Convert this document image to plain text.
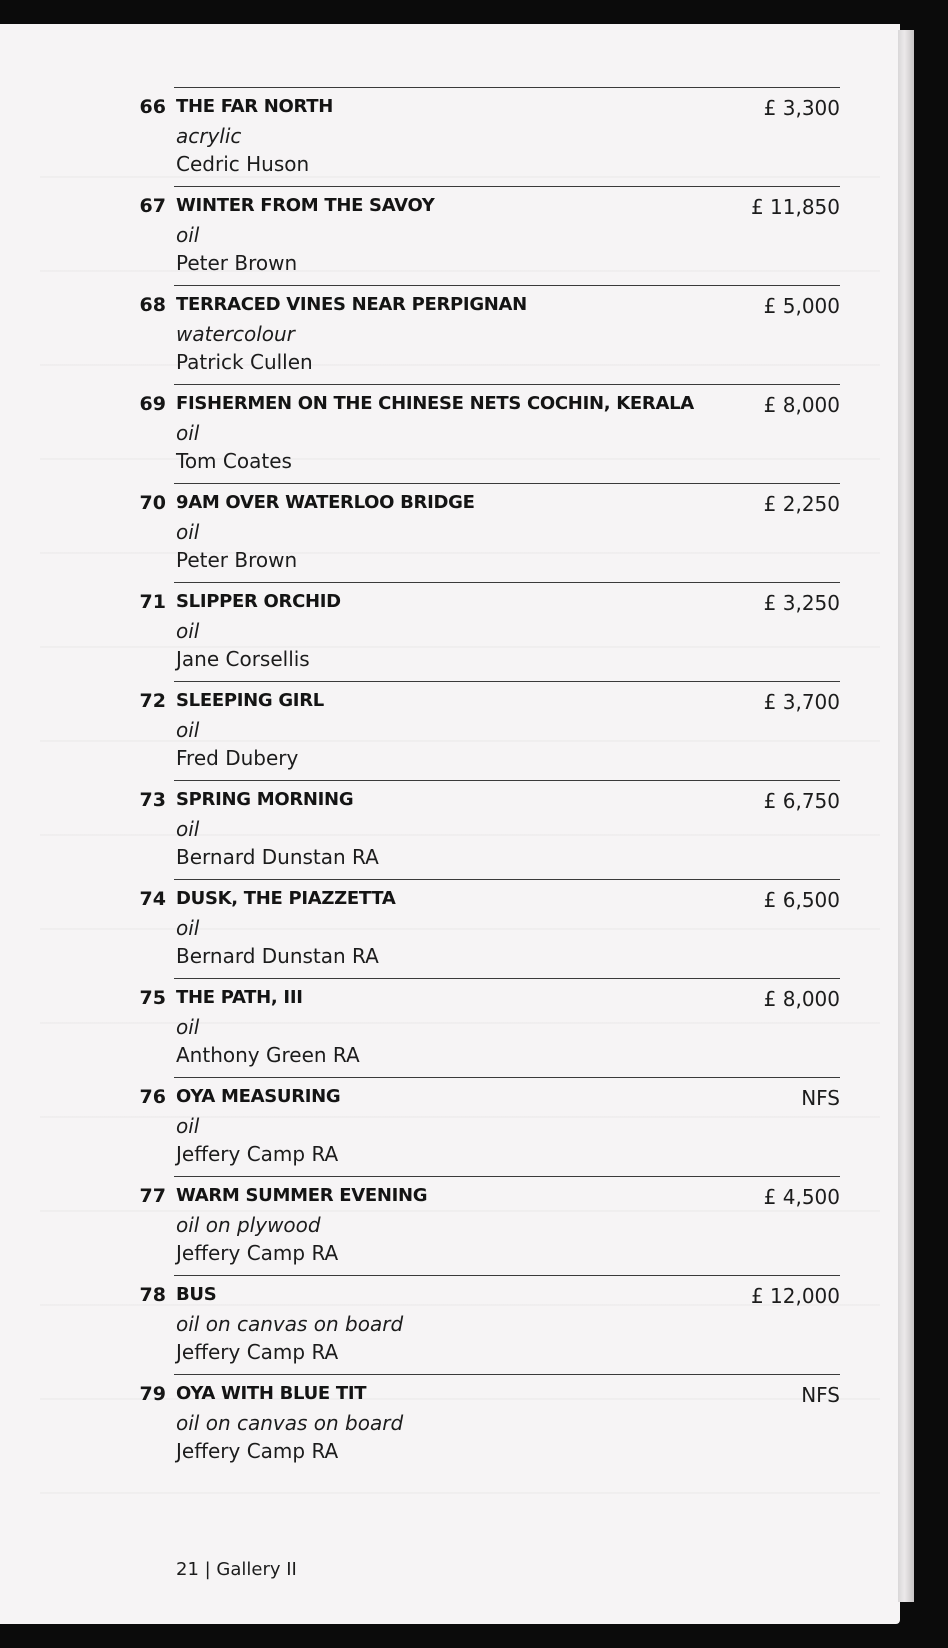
66 THE FAR NORTH
acrylic
Cedric Huson
£ 3,300
67 WINTER FROM THE SAVOY
oil
Peter Brown
£ 11,850
68 TERRACED VINES NEAR PERPIGNAN
watercolour
Patrick Cullen
£ 5,000
69 FISHERMEN ON THE CHINESE NETS COCHIN, KERALA
oil
Tom Coates
£ 8,000
70 9AM OVER WATERLOO BRIDGE
oil
Peter Brown
£ 2,250
71 SLIPPER ORCHID
oil
Jane Corsellis
£ 3,250
72 SLEEPING GIRL
oil
Fred Dubery
£ 3,700
73 SPRING MORNING
oil
Bernard Dunstan RA
£ 6,750
74 DUSK, THE PIAZZETTA
oil
Bernard Dunstan RA
£ 6,500
75 THE PATH, III
oil
Anthony Green RA
£ 8,000
76 OYA MEASURING
oil
Jeffery Camp RA
NFS
77 WARM SUMMER EVENING
oil on plywood
Jeffery Camp RA
£ 4,500
78 BUS
oil on canvas on board
Jeffery Camp RA
£ 12,000
79 OYA WITH BLUE TIT
oil on canvas on board
Jeffery Camp RA
NFS
21 | Gallery II
